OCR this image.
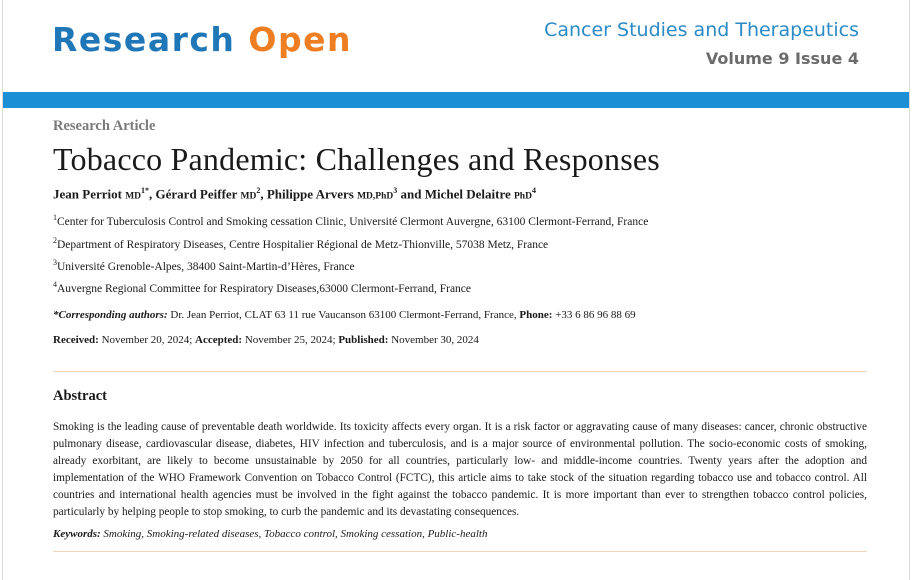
Research Open	Cancer Studies and Therapeutics
Volume 9 Issue 4
Research Article
Tobacco Pandemic: Challenges and Responses
Jean Perriot $MD^{1*}$, Gérard Peiffer $MD^2$, Philippe Arvers MD,PhD$^3$ and Michel Delaitre PhD$^4$
$^1$Center for Tuberculosis Control and Smoking cessation Clinic, Université Clermont Auvergne, 63100 Clermont-Ferrand, France
$^2$Department of Respiratory Diseases, Centre Hospitalier Régional de Metz-Thionville, 57038 Metz, France
$^3$Université Grenoble-Alpes, 38400 Saint-Martin-d’Hères, France
$^4$Auvergne Regional Committee for Respiratory Diseases,63000 Clermont-Ferrand, France
*Corresponding authors: Dr. Jean Perriot, CLAT 63 11 rue Vaucanson 63100 Clermont-Ferrand, France, Phone: +33 6 86 96 88 69
Received: November 20, 2024; Accepted: November 25, 2024; Published: November 30, 2024
Abstract
Smoking is the leading cause of preventable death worldwide. Its toxicity affects every organ. It is a risk factor or aggravating cause of many diseases: cancer, chronic obstructive pulmonary disease, cardiovascular disease, diabetes, HIV infection and tuberculosis, and is a major source of environmental pollution. The socio-economic costs of smoking, already exorbitant, are likely to become unsustainable by 2050 for all countries, particularly low- and middle-income countries. Twenty years after the adoption and implementation of the WHO Framework Convention on Tobacco Control (FCTC), this article aims to take stock of the situation regarding tobacco use and tobacco control. All countries and international health agencies must be involved in the fight against the tobacco pandemic. It is more important than ever to strengthen tobacco control policies, particularly by helping people to stop smoking, to curb the pandemic and its devastating consequences.
Keywords: Smoking, Smoking-related diseases, Tobacco control, Smoking cessation, Public-health
